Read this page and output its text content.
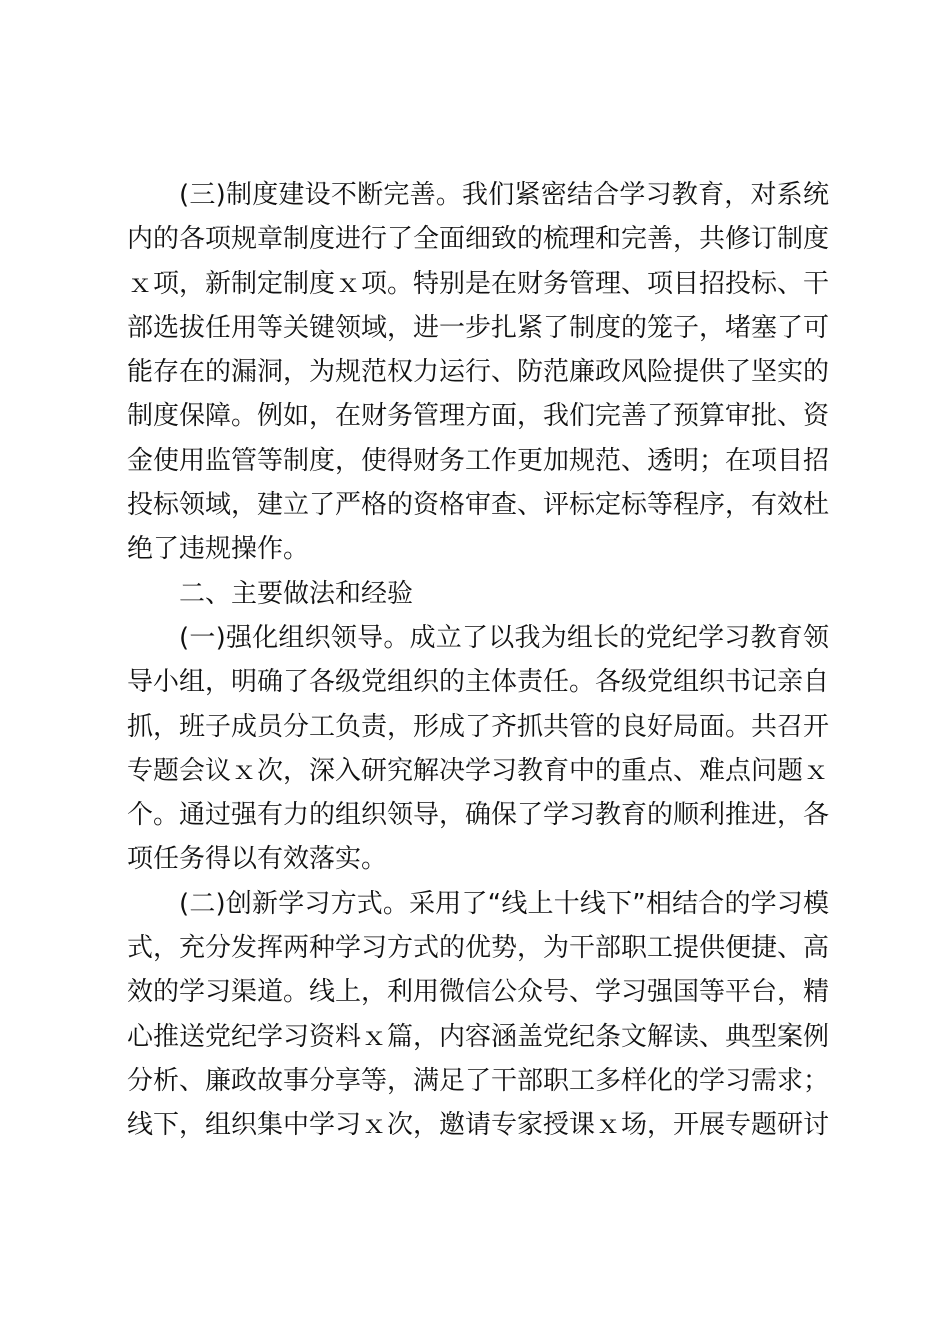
(三)制度建设不断完善。我们紧密结合学习教育，对系统内的各项规章制度进行了全面细致的梳理和完善，共修订制度ｘ项，新制定制度ｘ项。特别是在财务管理、项目招投标、干部选拔任用等关键领域，进一步扎紧了制度的笼子，堵塞了可能存在的漏洞，为规范权力运行、防范廉政风险提供了坚实的制度保障。例如，在财务管理方面，我们完善了预算审批、资金使用监管等制度，使得财务工作更加规范、透明；在项目招投标领域，建立了严格的资格审查、评标定标等程序，有效杜绝了违规操作。

二、主要做法和经验

(一)强化组织领导。成立了以我为组长的党纪学习教育领导小组，明确了各级党组织的主体责任。各级党组织书记亲自抓，班子成员分工负责，形成了齐抓共管的良好局面。共召开专题会议ｘ次，深入研究解决学习教育中的重点、难点问题ｘ个。通过强有力的组织领导，确保了学习教育的顺利推进，各项任务得以有效落实。

(二)创新学习方式。采用了“线上十线下”相结合的学习模式，充分发挥两种学习方式的优势，为干部职工提供便捷、高效的学习渠道。线上，利用微信公众号、学习强国等平台，精心推送党纪学习资料ｘ篇，内容涵盖党纪条文解读、典型案例分析、廉政故事分享等，满足了干部职工多样化的学习需求；线下，组织集中学习ｘ次，邀请专家授课ｘ场，开展专题研讨
